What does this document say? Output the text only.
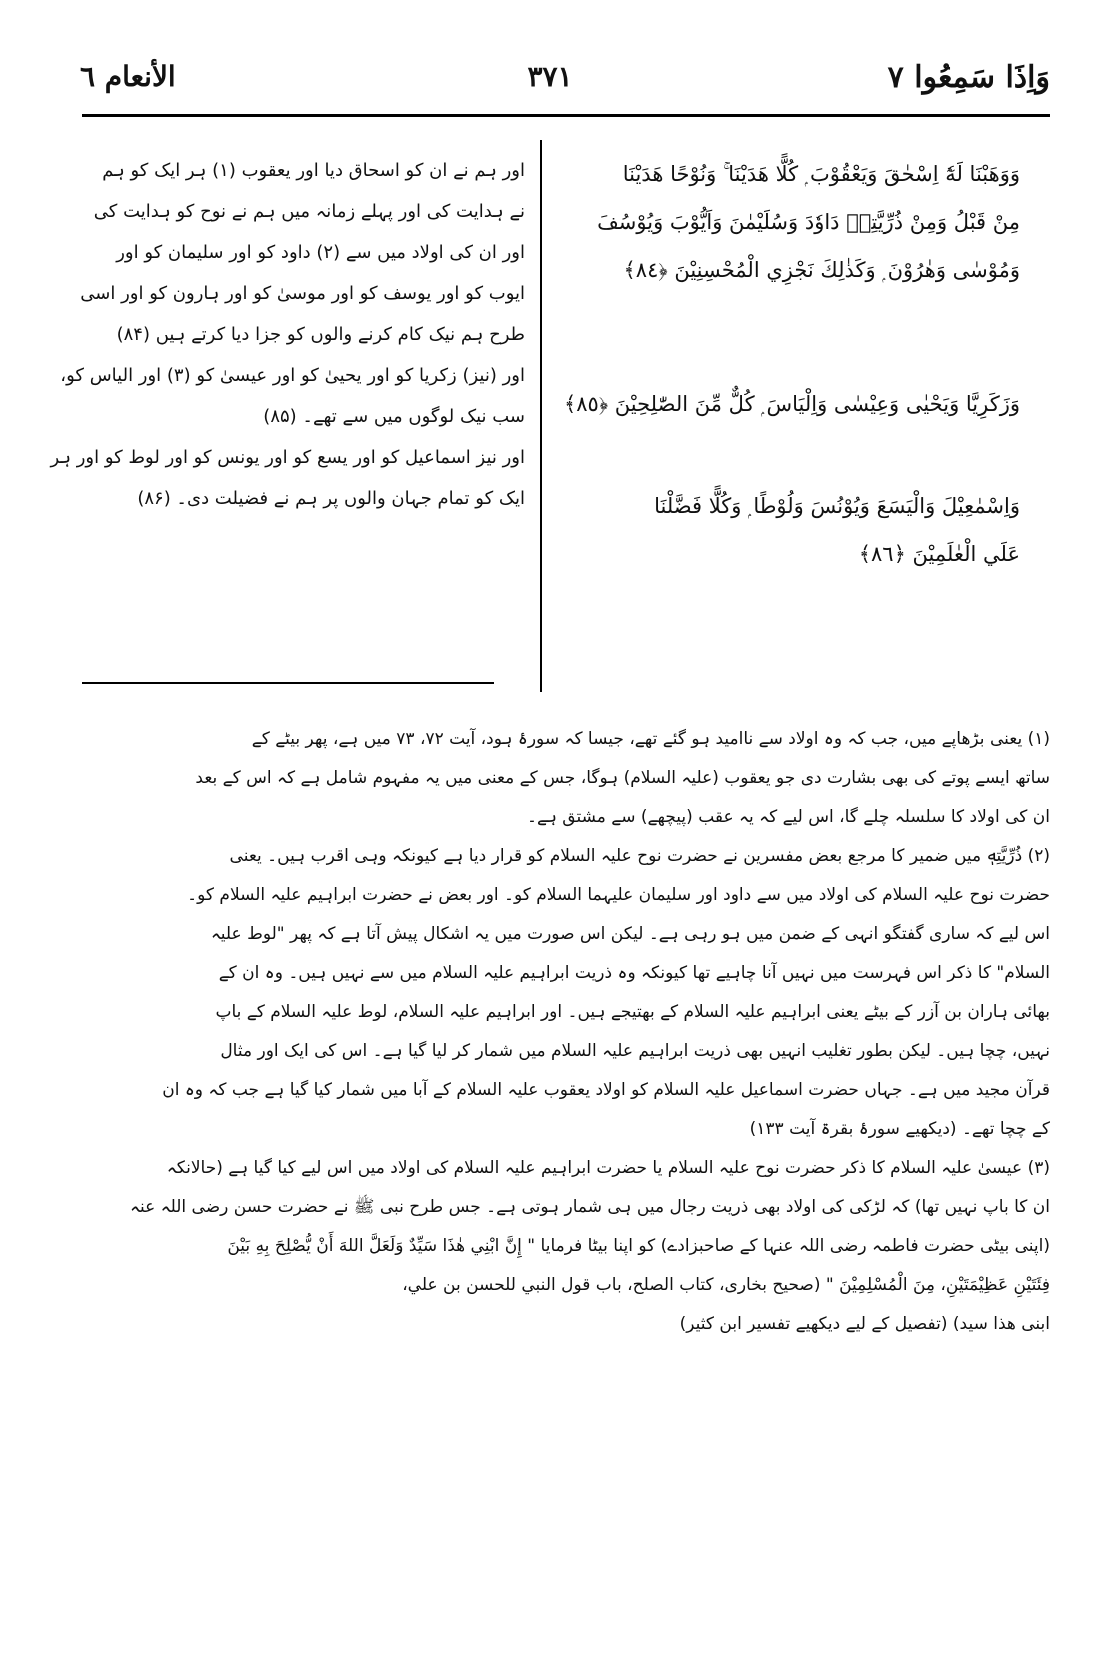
وَاِذَا سَمِعُوا ٧
٣٧١
الأنعام ٦
وَوَهَبْنَا لَهٗٓ اِسْحٰقَ وَيَعْقُوْبَ ۭ كُلًّا هَدَيْنَا ۚ وَنُوْحًا هَدَيْنَا
مِنْ قَبْلُ وَمِنْ ذُرِّيَّتِهٖ دَاوٗدَ وَسُلَيْمٰنَ وَاَيُّوْبَ وَيُوْسُفَ
وَمُوْسٰى وَهٰرُوْنَ ۭ وَكَذٰلِكَ نَجْزِي الْمُحْسِنِيْنَ ﴿٨٤﴾
وَزَكَرِيَّا وَيَحْيٰى وَعِيْسٰى وَاِلْيَاسَ ۭ كُلٌّ مِّنَ الصّٰلِحِيْنَ ﴿٨٥﴾
وَاِسْمٰعِيْلَ وَالْيَسَعَ وَيُوْنُسَ وَلُوْطًا ۭ وَكُلًّا فَضَّلْنَا
عَلَي الْعٰلَمِيْنَ ﴿٨٦﴾
اور ہم نے ان کو اسحاق دیا اور یعقوب (۱) ہر ایک کو ہم
نے ہدایت کی اور پہلے زمانہ میں ہم نے نوح کو ہدایت کی
اور ان کی اولاد میں سے (۲) داود کو اور سلیمان کو اور
ایوب کو اور یوسف کو اور موسیٰ کو اور ہارون کو اور اسی
طرح ہم نیک کام کرنے والوں کو جزا دیا کرتے ہیں (۸۴)
اور (نیز) زکریا کو اور یحییٰ کو اور عیسیٰ کو (۳) اور الیاس کو،
سب نیک لوگوں میں سے تھے۔ (۸۵)
اور نیز اسماعیل کو اور یسع کو اور یونس کو اور لوط کو اور ہر
ایک کو تمام جہان والوں پر ہم نے فضیلت دی۔ (۸۶)
(۱) یعنی بڑھاپے میں، جب کہ وہ اولاد سے ناامید ہو گئے تھے، جیسا کہ سورۂ ہود، آیت ۷۲، ۷۳ میں ہے، پھر بیٹے کے
ساتھ ایسے پوتے کی بھی بشارت دی جو یعقوب (علیہ السلام) ہوگا، جس کے معنی میں یہ مفہوم شامل ہے کہ اس کے بعد
ان کی اولاد کا سلسلہ چلے گا، اس لیے کہ یہ عقب (پیچھے) سے مشتق ہے۔
(۲) ذُرِّيَّتِهٖ میں ضمیر کا مرجع بعض مفسرین نے حضرت نوح علیہ السلام کو قرار دیا ہے کیونکہ وہی اقرب ہیں۔ یعنی
حضرت نوح علیہ السلام کی اولاد میں سے داود اور سلیمان علیہما السلام کو۔ اور بعض نے حضرت ابراہیم علیہ السلام کو۔
اس لیے کہ ساری گفتگو انہی کے ضمن میں ہو رہی ہے۔ لیکن اس صورت میں یہ اشکال پیش آتا ہے کہ پھر "لوط علیہ
السلام" کا ذکر اس فہرست میں نہیں آنا چاہیے تھا کیونکہ وہ ذریت ابراہیم علیہ السلام میں سے نہیں ہیں۔ وہ ان کے
بھائی ہاران بن آزر کے بیٹے یعنی ابراہیم علیہ السلام کے بھتیجے ہیں۔ اور ابراہیم علیہ السلام، لوط علیہ السلام کے باپ
نہیں، چچا ہیں۔ لیکن بطور تغلیب انہیں بھی ذریت ابراہیم علیہ السلام میں شمار کر لیا گیا ہے۔ اس کی ایک اور مثال
قرآن مجید میں ہے۔ جہاں حضرت اسماعیل علیہ السلام کو اولاد یعقوب علیہ السلام کے آبا میں شمار کیا گیا ہے جب کہ وہ ان
کے چچا تھے۔ (دیکھیے سورۂ بقرۃ آیت ۱۳۳)
(۳) عیسیٰ علیہ السلام کا ذکر حضرت نوح علیہ السلام یا حضرت ابراہیم علیہ السلام کی اولاد میں اس لیے کیا گیا ہے (حالانکہ
ان کا باپ نہیں تھا) کہ لڑکی کی اولاد بھی ذریت رجال میں ہی شمار ہوتی ہے۔ جس طرح نبی ﷺ نے حضرت حسن رضی اللہ عنہ
(اپنی بیٹی حضرت فاطمہ رضی اللہ عنہا کے صاحبزادے) کو اپنا بیٹا فرمایا " إِنَّ ابْنِي هٰذَا سَيِّدٌ وَلَعَلَّ اللهَ أَنْ يُّصْلِحَ بِهِ بَيْنَ
فِئَتَيْنِ عَظِيْمَتَيْنِ، مِنَ الْمُسْلِمِيْنَ " (صحيح بخاری، كتاب الصلح، باب قول النبي للحسن بن علي،
ابنی هذا سيد) (تفصیل کے لیے دیکھیے تفسیر ابن کثیر)
